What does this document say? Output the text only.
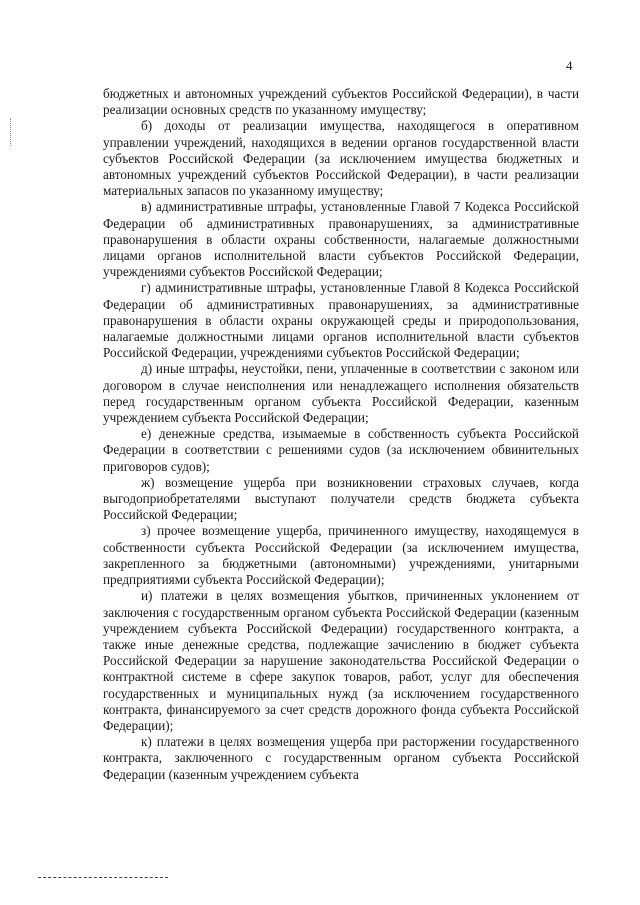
4

бюджетных и автономных учреждений субъектов Российской Федерации), в части реализации основных средств по указанному имуществу;

б) доходы от реализации имущества, находящегося в оперативном управлении учреждений, находящихся в ведении органов государственной власти субъектов Российской Федерации (за исключением имущества бюджетных и автономных учреждений субъектов Российской Федерации), в части реализации материальных запасов по указанному имуществу;

в) административные штрафы, установленные Главой 7 Кодекса Российской Федерации об административных правонарушениях, за административные правонарушения в области охраны собственности, налагаемые должностными лицами органов исполнительной власти субъектов Российской Федерации, учреждениями субъектов Российской Федерации;

г) административные штрафы, установленные Главой 8 Кодекса Российской Федерации об административных правонарушениях, за административные правонарушения в области охраны окружающей среды и природопользования, налагаемые должностными лицами органов исполнительной власти субъектов Российской Федерации, учреждениями субъектов Российской Федерации;

д) иные штрафы, неустойки, пени, уплаченные в соответствии с законом или договором в случае неисполнения или ненадлежащего исполнения обязательств перед государственным органом субъекта Российской Федерации, казенным учреждением субъекта Российской Федерации;

е) денежные средства, изымаемые в собственность субъекта Российской Федерации в соответствии с решениями судов (за исключением обвинительных приговоров судов);

ж) возмещение ущерба при возникновении страховых случаев, когда выгодоприобретателями выступают получатели средств бюджета субъекта Российской Федерации;

з) прочее возмещение ущерба, причиненного имуществу, находящемуся в собственности субъекта Российской Федерации (за исключением имущества, закрепленного за бюджетными (автономными) учреждениями, унитарными предприятиями субъекта Российской Федерации);

и) платежи в целях возмещения убытков, причиненных уклонением от заключения с государственным органом субъекта Российской Федерации (казенным учреждением субъекта Российской Федерации) государственного контракта, а также иные денежные средства, подлежащие зачислению в бюджет субъекта Российской Федерации за нарушение законодательства Российской Федерации о контрактной системе в сфере закупок товаров, работ, услуг для обеспечения государственных и муниципальных нужд (за исключением государственного контракта, финансируемого за счет средств дорожного фонда субъекта Российской Федерации);

к) платежи в целях возмещения ущерба при расторжении государственного контракта, заключенного с государственным органом субъекта Российской Федерации (казенным учреждением субъекта
